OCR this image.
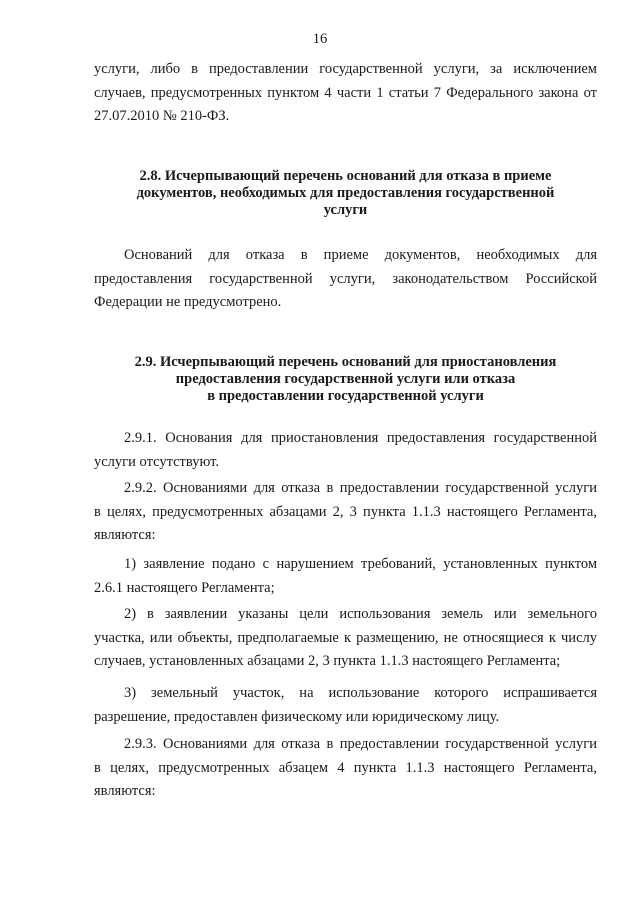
16
услуги, либо в предоставлении государственной услуги, за исключением
случаев, предусмотренных пунктом 4 части 1 статьи 7 Федерального закона от
27.07.2010 № 210-ФЗ.
2.8. Исчерпывающий перечень оснований для отказа в приеме
документов, необходимых для предоставления государственной
услуги
Оснований для отказа в приеме документов, необходимых для
предоставления государственной услуги, законодательством Российской
Федерации не предусмотрено.
2.9. Исчерпывающий перечень оснований для приостановления
предоставления государственной услуги или отказа
в предоставлении государственной услуги
2.9.1. Основания для приостановления предоставления государственной
услуги отсутствуют.
2.9.2. Основаниями для отказа в предоставлении государственной услуги
в целях, предусмотренных абзацами 2, 3 пункта 1.1.3 настоящего Регламента,
являются:
1) заявление подано с нарушением требований, установленных пунктом
2.6.1 настоящего Регламента;
2) в заявлении указаны цели использования земель или земельного
участка, или объекты, предполагаемые к размещению, не относящиеся к числу
случаев, установленных абзацами 2, 3 пункта 1.1.3 настоящего Регламента;
3) земельный участок, на использование которого испрашивается
разрешение, предоставлен физическому или юридическому лицу.
2.9.3. Основаниями для отказа в предоставлении государственной услуги
в целях, предусмотренных абзацем 4 пункта 1.1.3 настоящего Регламента,
являются:
